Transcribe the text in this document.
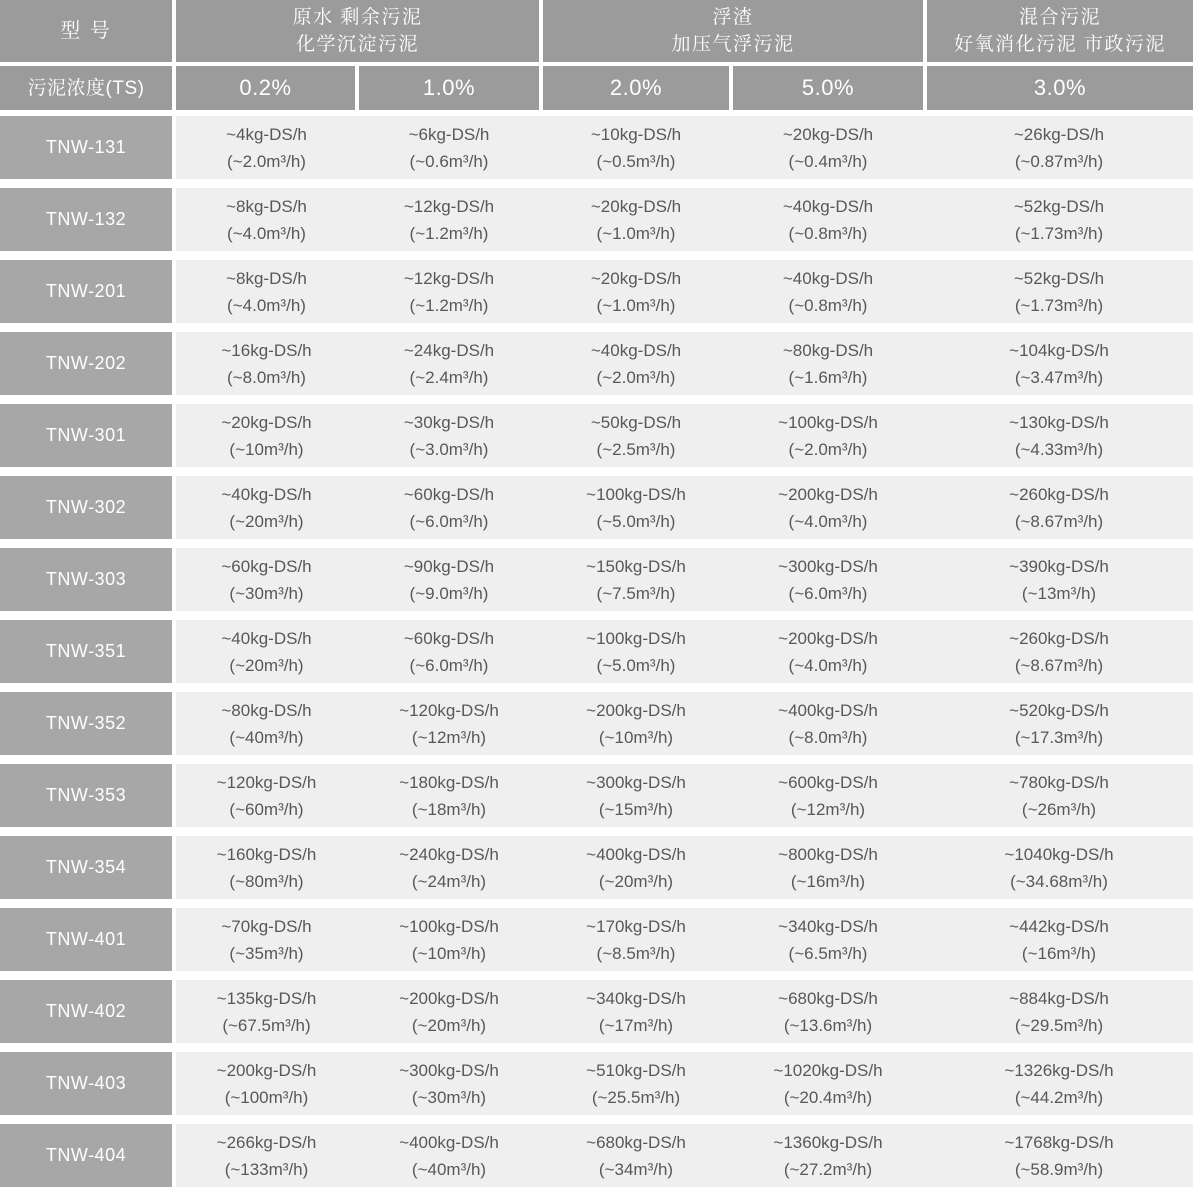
型 号
原水 剩余污泥
化学沉淀污泥
浮渣
加压气浮污泥
混合污泥
好氧消化污泥 市政污泥
污泥浓度(TS)	0.2%	1.0%	2.0%	5.0%	3.0%
TNW-131
~4kg-DS/h
(~2.0m³/h)
~6kg-DS/h
(~0.6m³/h)
~10kg-DS/h
(~0.5m³/h)
~20kg-DS/h
(~0.4m³/h)
~26kg-DS/h
(~0.87m³/h)
TNW-132
~8kg-DS/h
(~4.0m³/h)
~12kg-DS/h
(~1.2m³/h)
~20kg-DS/h
(~1.0m³/h)
~40kg-DS/h
(~0.8m³/h)
~52kg-DS/h
(~1.73m³/h)
TNW-201
~8kg-DS/h
(~4.0m³/h)
~12kg-DS/h
(~1.2m³/h)
~20kg-DS/h
(~1.0m³/h)
~40kg-DS/h
(~0.8m³/h)
~52kg-DS/h
(~1.73m³/h)
TNW-202
~16kg-DS/h
(~8.0m³/h)
~24kg-DS/h
(~2.4m³/h)
~40kg-DS/h
(~2.0m³/h)
~80kg-DS/h
(~1.6m³/h)
~104kg-DS/h
(~3.47m³/h)
TNW-301
~20kg-DS/h
(~10m³/h)
~30kg-DS/h
(~3.0m³/h)
~50kg-DS/h
(~2.5m³/h)
~100kg-DS/h
(~2.0m³/h)
~130kg-DS/h
(~4.33m³/h)
TNW-302
~40kg-DS/h
(~20m³/h)
~60kg-DS/h
(~6.0m³/h)
~100kg-DS/h
(~5.0m³/h)
~200kg-DS/h
(~4.0m³/h)
~260kg-DS/h
(~8.67m³/h)
TNW-303
~60kg-DS/h
(~30m³/h)
~90kg-DS/h
(~9.0m³/h)
~150kg-DS/h
(~7.5m³/h)
~300kg-DS/h
(~6.0m³/h)
~390kg-DS/h
(~13m³/h)
TNW-351
~40kg-DS/h
(~20m³/h)
~60kg-DS/h
(~6.0m³/h)
~100kg-DS/h
(~5.0m³/h)
~200kg-DS/h
(~4.0m³/h)
~260kg-DS/h
(~8.67m³/h)
TNW-352
~80kg-DS/h
(~40m³/h)
~120kg-DS/h
(~12m³/h)
~200kg-DS/h
(~10m³/h)
~400kg-DS/h
(~8.0m³/h)
~520kg-DS/h
(~17.3m³/h)
TNW-353
~120kg-DS/h
(~60m³/h)
~180kg-DS/h
(~18m³/h)
~300kg-DS/h
(~15m³/h)
~600kg-DS/h
(~12m³/h)
~780kg-DS/h
(~26m³/h)
TNW-354
~160kg-DS/h
(~80m³/h)
~240kg-DS/h
(~24m³/h)
~400kg-DS/h
(~20m³/h)
~800kg-DS/h
(~16m³/h)
~1040kg-DS/h
(~34.68m³/h)
TNW-401
~70kg-DS/h
(~35m³/h)
~100kg-DS/h
(~10m³/h)
~170kg-DS/h
(~8.5m³/h)
~340kg-DS/h
(~6.5m³/h)
~442kg-DS/h
(~16m³/h)
TNW-402
~135kg-DS/h
(~67.5m³/h)
~200kg-DS/h
(~20m³/h)
~340kg-DS/h
(~17m³/h)
~680kg-DS/h
(~13.6m³/h)
~884kg-DS/h
(~29.5m³/h)
TNW-403
~200kg-DS/h
(~100m³/h)
~300kg-DS/h
(~30m³/h)
~510kg-DS/h
(~25.5m³/h)
~1020kg-DS/h
(~20.4m³/h)
~1326kg-DS/h
(~44.2m³/h)
TNW-404
~266kg-DS/h
(~133m³/h)
~400kg-DS/h
(~40m³/h)
~680kg-DS/h
(~34m³/h)
~1360kg-DS/h
(~27.2m³/h)
~1768kg-DS/h
(~58.9m³/h)
